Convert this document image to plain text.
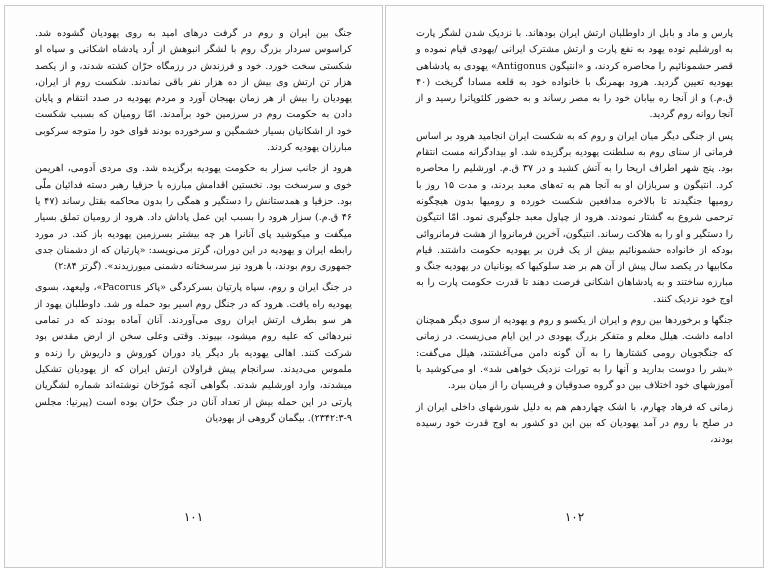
جنگ بین ایران و روم در گرفت درهای امید به روی یهودیان گشوده شد. کراسوس سردار بزرگ روم با لشگر انبوهش از اُرد پادشاه اشکانی و سپاه او شکستی سخت خورد. خود و فرزندش در رزمگاه حرّان کشته شدند، و از یکصد هزار تن ارتش وی بیش از ده هزار نفر باقی نماندند. شکست روم از ایران، یهودیان را بیش از هر زمان بهیجان آورد و مردم یهودیه در صدد انتقام و پایان دادن به حکومت روم در سرزمین خود برآمدند. امّا رومیان که بسبب شکست خود از اشکانیان بسیار خشمگین و سرخورده بودند قوای خود را متوجه سرکوبی مبارزان یهودیه کردند.

هرود از جانب سزار به حکومت یهودیه برگزیده شد. وی مردی اَدومی، اهریمن خوی و سرسخت بود. نخستین اقدامش مبارزه با حزقیا رهبر دسته فدائیان ملّی بود. حزقیا و همدستانش را دستگیر و همگی را بدون محاکمه بقتل رساند (۴۷ یا ۴۶ ق.م.) سزار هرود را بسبب این عمل پاداش داد. هرود از رومیان تملق بسیار میگفت و میکوشید پای آنانرا هر چه بیشتر بسرزمین یهودیه باز کند. در مورد رابطه ایران و یهودیه در این دوران، گرتز می‌نویسد: «پارتیان که از دشمنان جدی جمهوری روم بودند، با هرود نیز سرسختانه دشمنی میورزیدند». (گرتز ۲:۸۴)

در جنگ ایران و روم، سپاه پارتیان بسرکردگی «پاکر Pacorus»، ولیعهد، بسوی یهودیه راه یافت. هرود که در جنگل روم اسیر بود حمله ور شد. داوطلبان یهود از هر سو بطرف ارتش ایران روی می‌آوردند. آنان آماده بودند که در تمامی نبردهائی که علیه روم میشود، بپیوند. وقتی وعلی سخن از ارض مقدس بود شرکت کنند. اهالی یهودیه بار دیگر یاد دوران کوروش و داریوش را زنده و ملموس می‌دیدند. سرانجام پیش قراولان ارتش ایران که از یهودیان تشکیل میشدند، وارد اورشلیم شدند. بگواهی آنچه مُورّخان نوشته‌اند شماره لشگریان پارتی در این حمله بیش از تعداد آنان در جنگ حرّان بوده است (پیرنیا: مجلس ۹-۲۳۴۲:۳). بیگمان گروهی از یهودیان

۱۰۱

پارس و ماد و بابل از داوطلبان ارتش ایران بودهاند. با نزدیک شدن لشگر پارت به اورشلیم توده یهود به نفع پارت و ارتش مشترک ایرانی /یهودی قیام نموده و قصر حشمونائیم را محاصره کردند، و «انتیگون Antigonus» یهودی به پادشاهی یهودیه تعیین گردید. هرود بهمرنگ با خانواده خود به قلعه مسادا گریخت (۴۰ ق.م.) و از آنجا ره بیابان خود را به مصر رساند و به حضور کلئوپاترا رسید و از آنجا روانه روم گردید.

پس از جنگی دیگر میان ایران و روم که به شکست ایران انجامید هرود بر اساس فرمانی از سنای روم به سلطنت یهودیه برگزیده شد. او بیدادگرانه مست انتقام بود. پنج شهر اطراف اریحا را به آتش کشید و در ۳۷ ق.م. اورشلیم را محاصره کرد. انتیگون و سربازان او به آنجا هم به ته‌های معبد بردند، و مدت ۱۵ روز با رومیها جنگیدند تا بالاخره مدافعین شکست خورده و رومیها بدون هیچگونه ترحمی شروع به گشتار نمودند. هرود از چپاول معبد جلوگیری نمود. امّا انتیگون را دستگیر و او را به هلاکت رساند. انتیگون، آخرین فرمانروا از هشت فرمانروائی بودکه از خانواده حشمونائیم بیش از یک قرن بر یهودیه حکومت داشتند. قیام مکابیها در یکصد سال پیش از آن هم بر ضد سلوکیها که یونانیان در یهودیه جنگ و مبارزه ساختند و به پادشاهان اشکانی فرصت دهند تا قدرت حکومت پارت را به اوج خود نزدیک کنند.

جنگها و برخوردها بین روم و ایران از یکسو و روم و یهودیه از سوی دیگر همچنان ادامه داشت. هیلل معلم و متفکر بزرگ یهودی در این ایام می‌زیست. در زمانی که جنگجویان رومی کشتارها را به آن گونه دامن می‌آغشتند، هیلل می‌گفت: «بشر را دوست بدارید و آنها را به تورات نزدیک خواهی شد». او می‌کوشید با آموزشهای خود اختلاف بین دو گروه صدوقیان و فریسیان را از میان ببرد.

زمانی که فرهاد چهارم، با اشک چهاردهم هم به دلیل شورشهای داخلی ایران از در صلح با روم در آمد یهودیان که بین این دو کشور به اوج قدرت خود رسیده بودند،

۱۰۲
